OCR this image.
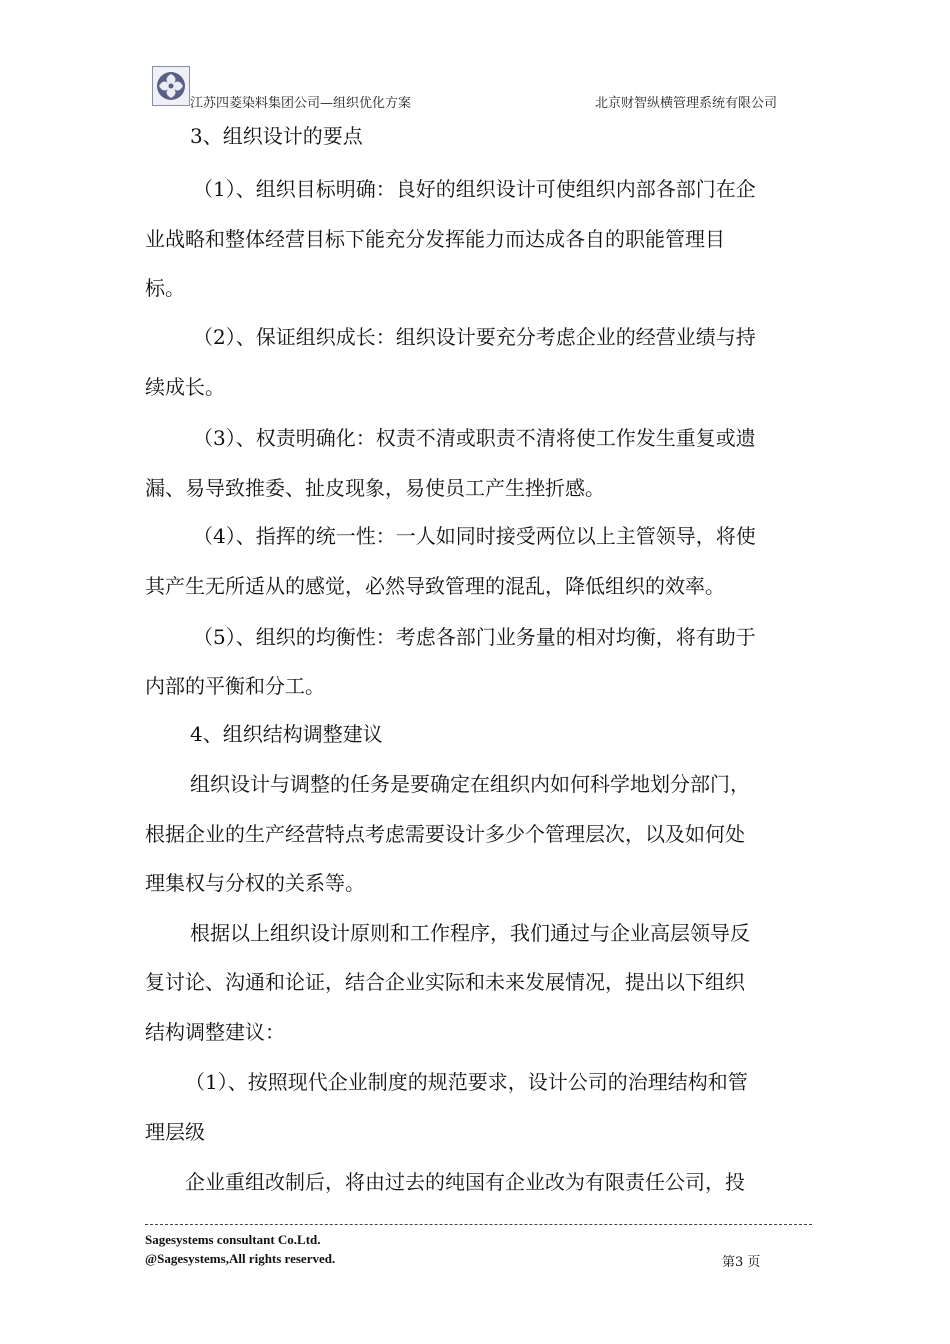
江苏四菱染料集团公司—组织优化方案	北京财智纵横管理系统有限公司
3、组织设计的要点
（1）、组织目标明确：良好的组织设计可使组织内部各部门在企
业战略和整体经营目标下能充分发挥能力而达成各自的职能管理目
标。
（2）、保证组织成长：组织设计要充分考虑企业的经营业绩与持
续成长。
（3）、权责明确化：权责不清或职责不清将使工作发生重复或遗
漏、易导致推委、扯皮现象，易使员工产生挫折感。
（4）、指挥的统一性：一人如同时接受两位以上主管领导，将使
其产生无所适从的感觉，必然导致管理的混乱，降低组织的效率。
（5）、组织的均衡性：考虑各部门业务量的相对均衡，将有助于
内部的平衡和分工。
4、组织结构调整建议
组织设计与调整的任务是要确定在组织内如何科学地划分部门，
根据企业的生产经营特点考虑需要设计多少个管理层次，以及如何处
理集权与分权的关系等。
根据以上组织设计原则和工作程序，我们通过与企业高层领导反
复讨论、沟通和论证，结合企业实际和未来发展情况，提出以下组织
结构调整建议：
（1）、按照现代企业制度的规范要求，设计公司的治理结构和管
理层级
企业重组改制后，将由过去的纯国有企业改为有限责任公司，投
Sagesystems consultant Co.Ltd.
@Sagesystems,All rights reserved.	第3 页
